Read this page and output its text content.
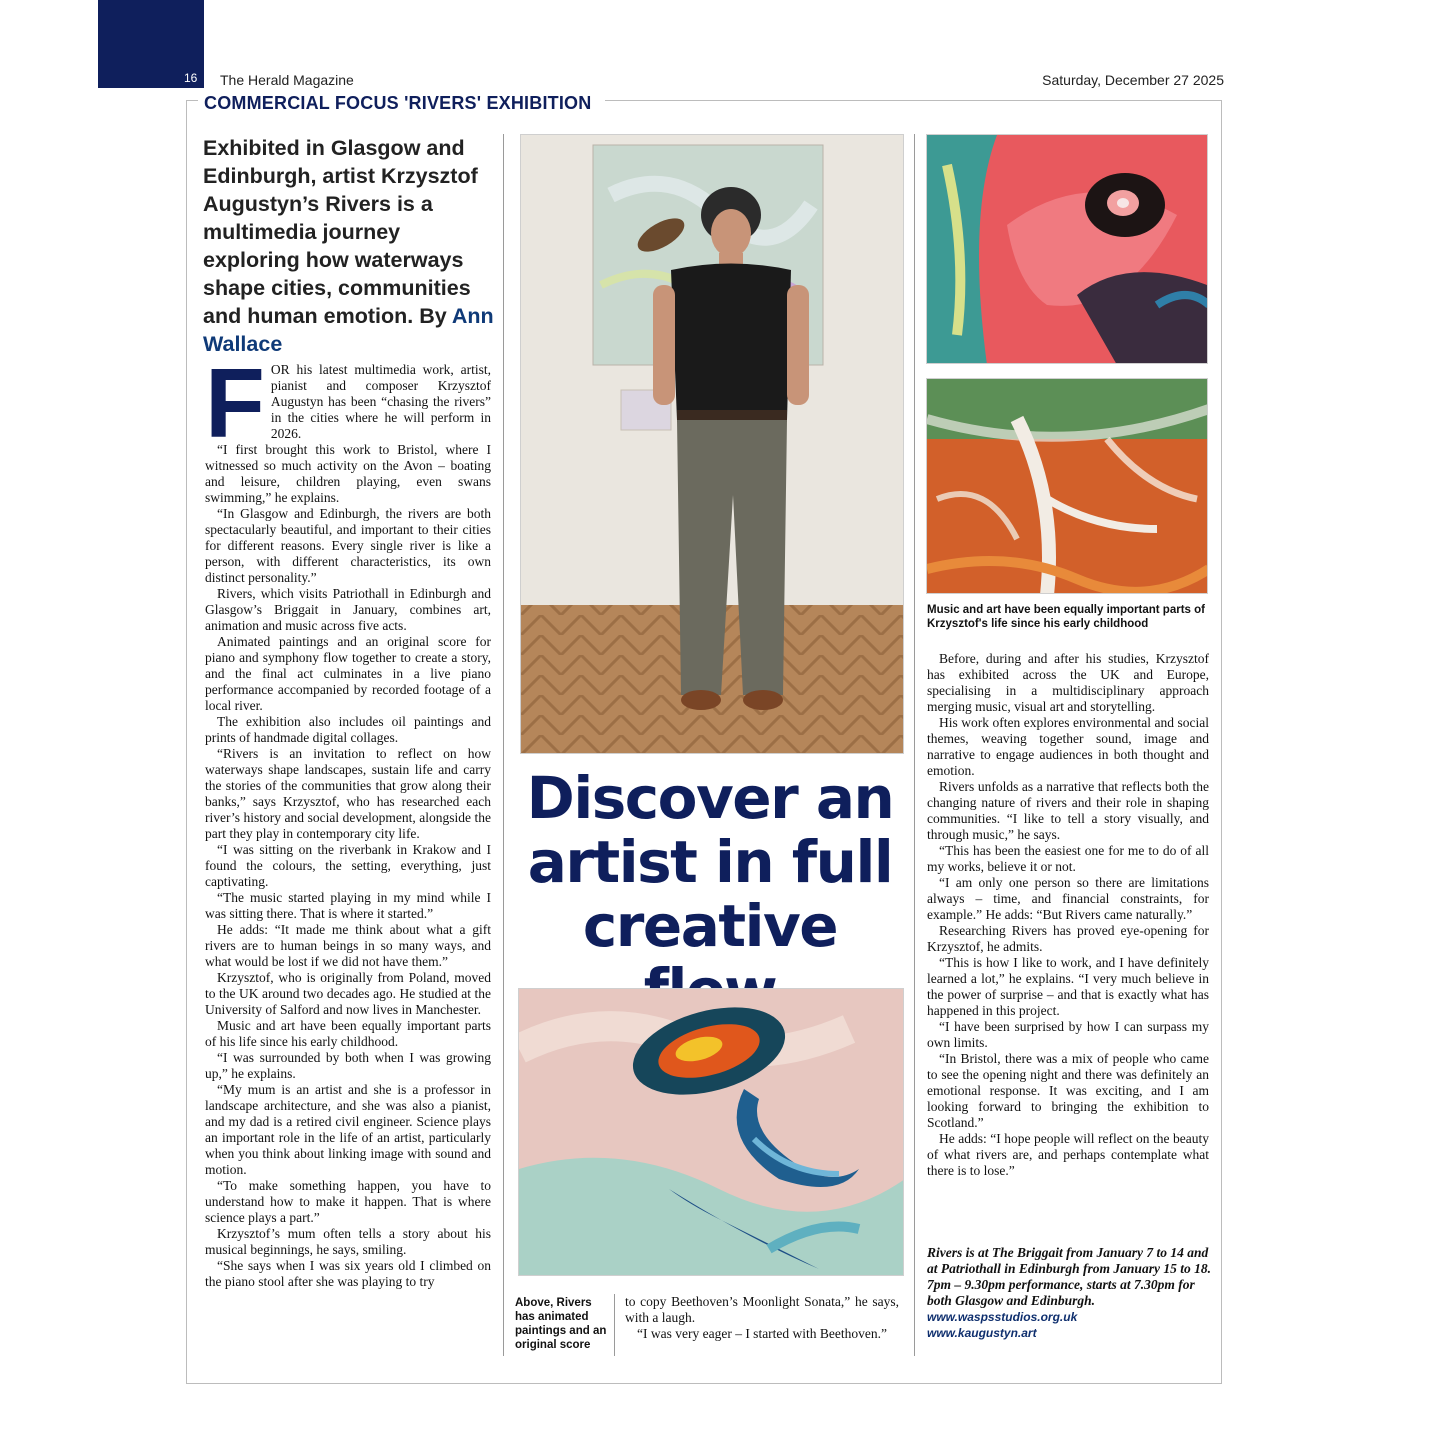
16 The Herald Magazine	Saturday, December 27 2025
COMMERCIAL FOCUS 'RIVERS' EXHIBITION
Exhibited in Glasgow and Edinburgh, artist Krzysztof Augustyn’s Rivers is a multimedia journey exploring how waterways shape cities, communities and human emotion. By Ann Wallace
F OR his latest multimedia work, artist, pianist and composer Krzysztof Augustyn has been “chasing the rivers” in the cities where he will perform in 2026.

“I first brought this work to Bristol, where I witnessed so much activity on the Avon – boating and leisure, children playing, even swans swimming,” he explains.

“In Glasgow and Edinburgh, the rivers are both spectacularly beautiful, and important to their cities for different reasons. Every single river is like a person, with different characteristics, its own distinct personality.”

Rivers, which visits Patriothall in Edinburgh and Glasgow’s Briggait in January, combines art, animation and music across five acts.

Animated paintings and an original score for piano and symphony flow together to create a story, and the final act culminates in a live piano performance accompanied by recorded footage of a local river.

The exhibition also includes oil paintings and prints of handmade digital collages.

“Rivers is an invitation to reflect on how waterways shape landscapes, sustain life and carry the stories of the communities that grow along their banks,” says Krzysztof, who has researched each river’s history and social development, alongside the part they play in contemporary city life.

“I was sitting on the riverbank in Krakow and I found the colours, the setting, everything, just captivating.

“The music started playing in my mind while I was sitting there. That is where it started.”

He adds: “It made me think about what a gift rivers are to human beings in so many ways, and what would be lost if we did not have them.”

Krzysztof, who is originally from Poland, moved to the UK around two decades ago. He studied at the University of Salford and now lives in Manchester.

Music and art have been equally important parts of his life since his early childhood.

“I was surrounded by both when I was growing up,” he explains.

“My mum is an artist and she is a professor in landscape architecture, and she was also a pianist, and my dad is a retired civil engineer. Science plays an important role in the life of an artist, particularly when you think about linking image with sound and motion.

“To make something happen, you have to understand how to make it happen. That is where science plays a part.”

Krzysztof’s mum often tells a story about his musical beginnings, he says, smiling.

“She says when I was six years old I climbed on the piano stool after she was playing to try

Discover an
artist in full
creative
Above, Rivers has animated paintings and an original score

to copy Beethoven’s Moonlight Sonata,” he says, with a laugh.

“I was very eager – I started with Beethoven.”

Music and art have been equally important parts of Krzysztof's life since his early childhood

Before, during and after his studies, Krzysztof has exhibited across the UK and Europe, specialising in a multidisciplinary approach merging music, visual art and storytelling.

His work often explores environmental and social themes, weaving together sound, image and narrative to engage audiences in both thought and emotion.

Rivers unfolds as a narrative that reflects both the changing nature of rivers and their role in shaping communities. “I like to tell a story visually, and through music,” he says.

“This has been the easiest one for me to do of all my works, believe it or not.

“I am only one person so there are limitations always – time, and financial constraints, for example.” He adds: “But Rivers came naturally.”

Researching Rivers has proved eye-opening for Krzysztof, he admits.

“This is how I like to work, and I have definitely learned a lot,” he explains. “I very much believe in the power of surprise – and that is exactly what has happened in this project.

“I have been surprised by how I can surpass my own limits.

“In Bristol, there was a mix of people who came to see the opening night and there was definitely an emotional response. It was exciting, and I am looking forward to bringing the exhibition to Scotland.”

He adds: “I hope people will reflect on the beauty of what rivers are, and perhaps contemplate what there is to lose.”

Rivers is at The Briggait from January 7 to 14 and at Patriothall in Edinburgh from January 15 to 18. 7pm – 9.30pm performance, starts at 7.30pm for both Glasgow and Edinburgh.
www.waspsstudios.org.uk
www.kaugustyn.art
